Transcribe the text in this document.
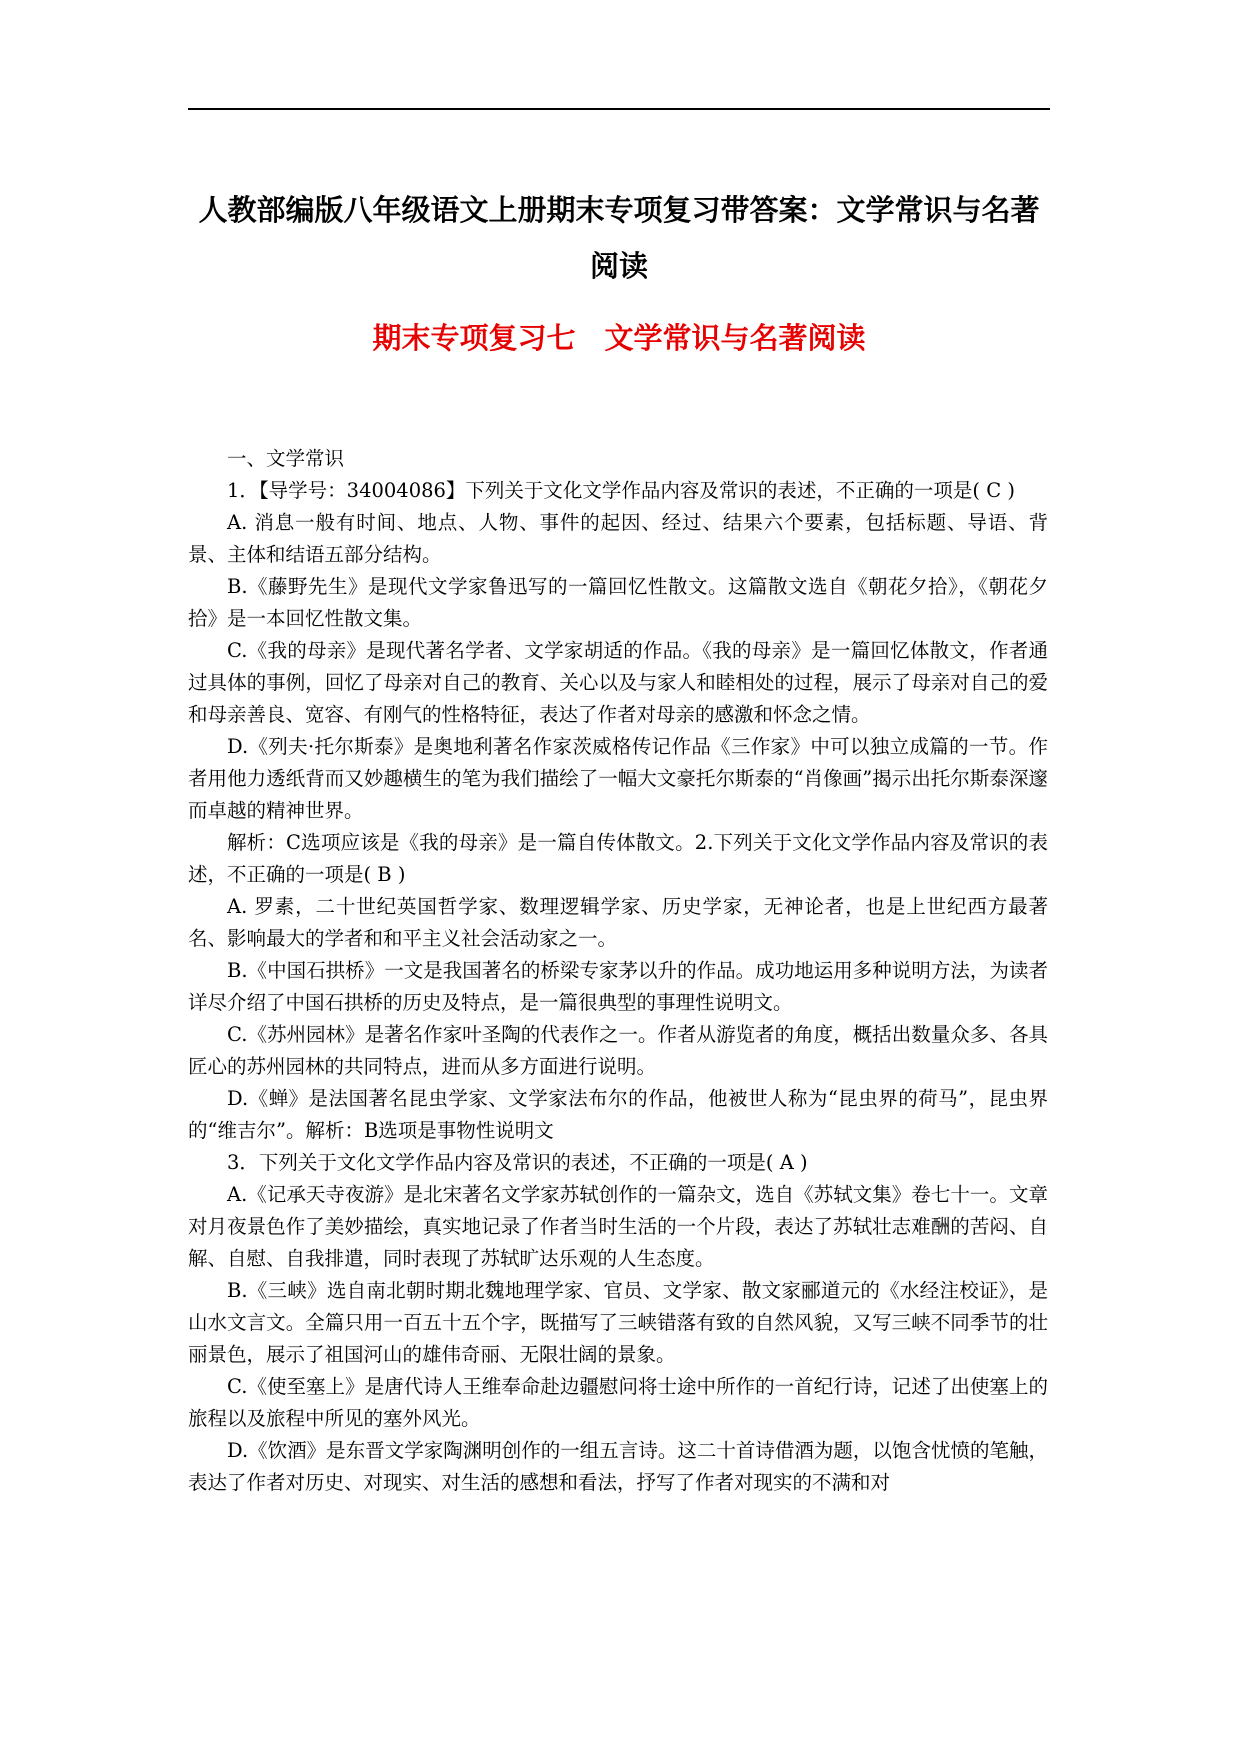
人教部编版八年级语文上册期末专项复习带答案：文学常识与名著阅读
期末专项复习七　文学常识与名著阅读

一、文学常识

1．【导学号：34004086】下列关于文化文学作品内容及常识的表述，不正确的一项是( C )

A. 消息一般有时间、地点、人物、事件的起因、经过、结果六个要素，包括标题、导语、背景、主体和结语五部分结构。

B.《藤野先生》是现代文学家鲁迅写的一篇回忆性散文。这篇散文选自《朝花夕拾》，《朝花夕拾》是一本回忆性散文集。

C.《我的母亲》是现代著名学者、文学家胡适的作品。《我的母亲》是一篇回忆体散文，作者通过具体的事例，回忆了母亲对自己的教育、关心以及与家人和睦相处的过程，展示了母亲对自己的爱和母亲善良、宽容、有刚气的性格特征，表达了作者对母亲的感激和怀念之情。

D.《列夫·托尔斯泰》是奥地利著名作家茨威格传记作品《三作家》中可以独立成篇的一节。作者用他力透纸背而又妙趣横生的笔为我们描绘了一幅大文豪托尔斯泰的“肖像画”揭示出托尔斯泰深邃而卓越的精神世界。

解析：C选项应该是《我的母亲》是一篇自传体散文。2.下列关于文化文学作品内容及常识的表述，不正确的一项是( B )

A. 罗素，二十世纪英国哲学家、数理逻辑学家、历史学家，无神论者，也是上世纪西方最著名、影响最大的学者和和平主义社会活动家之一。

B.《中国石拱桥》一文是我国著名的桥梁专家茅以升的作品。成功地运用多种说明方法，为读者详尽介绍了中国石拱桥的历史及特点，是一篇很典型的事理性说明文。

C.《苏州园林》是著名作家叶圣陶的代表作之一。作者从游览者的角度，概括出数量众多、各具匠心的苏州园林的共同特点，进而从多方面进行说明。

D.《蝉》是法国著名昆虫学家、文学家法布尔的作品，他被世人称为“昆虫界的荷马”，昆虫界的“维吉尔”。解析：B选项是事物性说明文

3．下列关于文化文学作品内容及常识的表述，不正确的一项是( A )

A.《记承天寺夜游》是北宋著名文学家苏轼创作的一篇杂文，选自《苏轼文集》卷七十一。文章对月夜景色作了美妙描绘，真实地记录了作者当时生活的一个片段，表达了苏轼壮志难酬的苦闷、自解、自慰、自我排遣，同时表现了苏轼旷达乐观的人生态度。

B.《三峡》选自南北朝时期北魏地理学家、官员、文学家、散文家郦道元的《水经注校证》，是山水文言文。全篇只用一百五十五个字，既描写了三峡错落有致的自然风貌，又写三峡不同季节的壮丽景色，展示了祖国河山的雄伟奇丽、无限壮阔的景象。

C.《使至塞上》是唐代诗人王维奉命赴边疆慰问将士途中所作的一首纪行诗，记述了出使塞上的旅程以及旅程中所见的塞外风光。

D.《饮酒》是东晋文学家陶渊明创作的一组五言诗。这二十首诗借酒为题，以饱含忧愤的笔触，表达了作者对历史、对现实、对生活的感想和看法，抒写了作者对现实的不满和对
